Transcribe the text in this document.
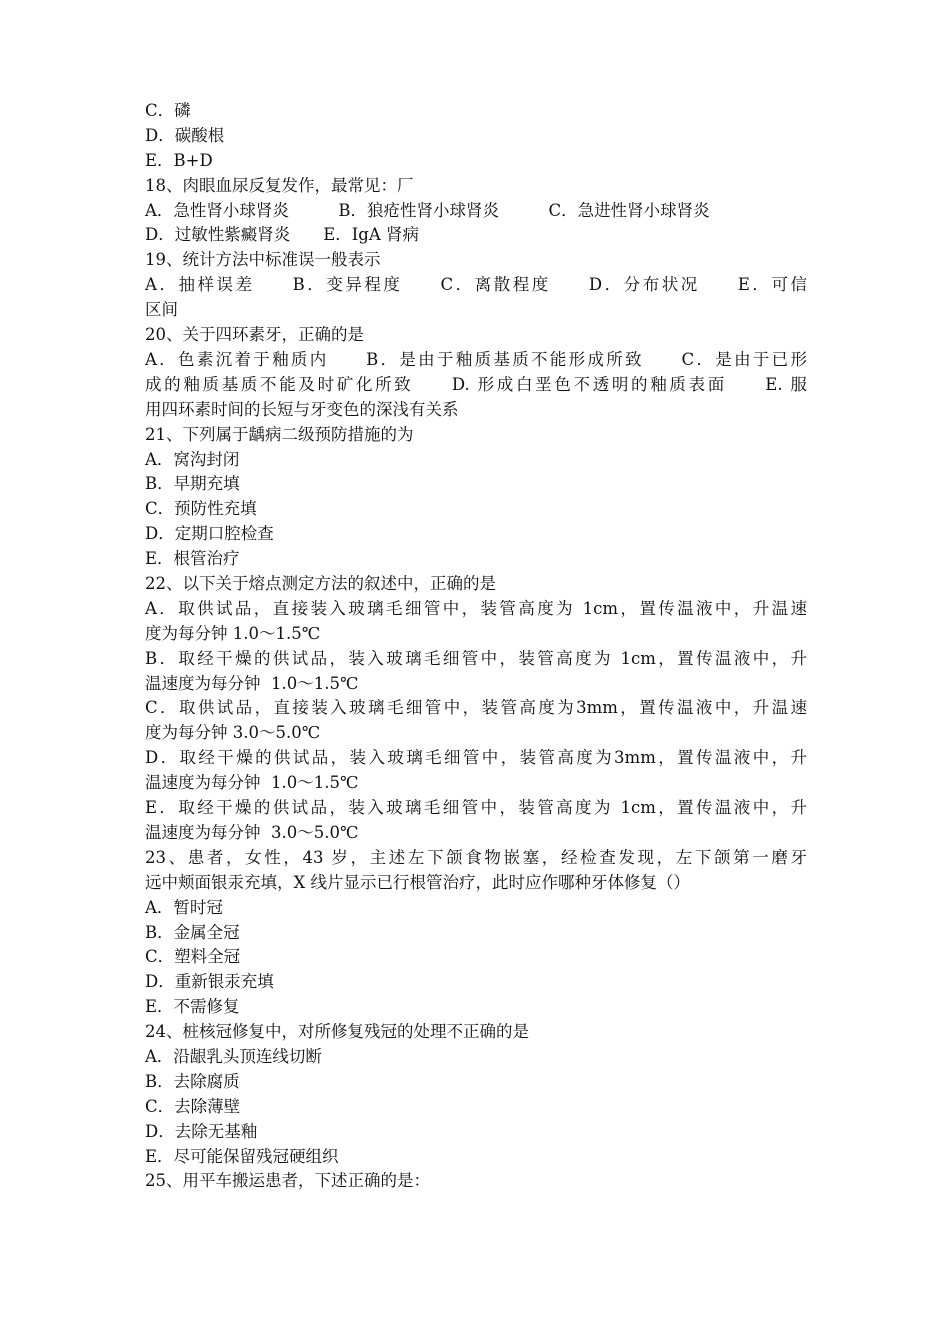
C．磷
D．碳酸根
E．B+D
18、肉眼血尿反复发作，最常见：厂
A．急性肾小球肾炎　　　B．狼疮性肾小球肾炎　　　C．急进性肾小球肾炎
D．过敏性紫癜肾炎　　E．IgA 肾病
19、统计方法中标准误一般表示
A．抽样误差　　B．变异程度　　C．离散程度　　D．分布状况　　E．可信
区间
20、关于四环素牙，正确的是
A．色素沉着于釉质内　　B．是由于釉质基质不能形成所致　　C．是由于已形
成的釉质基质不能及时矿化所致　　D. 形成白垩色不透明的釉质表面　　E. 服
用四环素时间的长短与牙变色的深浅有关系
21、下列属于龋病二级预防措施的为
A．窝沟封闭
B．早期充填
C．预防性充填
D．定期口腔检查
E．根管治疗
22、以下关于熔点测定方法的叙述中，正确的是
A．取供试品，直接装入玻璃毛细管中，装管高度为 1cm，置传温液中，升温速
度为每分钟 1.0～1.5℃
B．取经干燥的供试品，装入玻璃毛细管中，装管高度为 1cm，置传温液中，升
温速度为每分钟  1.0～1.5℃
C．取供试品，直接装入玻璃毛细管中，装管高度为3mm，置传温液中，升温速
度为每分钟 3.0～5.0℃
D．取经干燥的供试品，装入玻璃毛细管中，装管高度为3mm，置传温液中，升
温速度为每分钟  1.0～1.5℃
E．取经干燥的供试品，装入玻璃毛细管中，装管高度为 1cm，置传温液中，升
温速度为每分钟  3.0～5.0℃
23、患者，女性，43 岁，主述左下颌食物嵌塞，经检查发现，左下颌第一磨牙
远中颊面银汞充填，X 线片显示已行根管治疗，此时应作哪种牙体修复（）
A．暂时冠
B．金属全冠
C．塑料全冠
D．重新银汞充填
E．不需修复
24、桩核冠修复中，对所修复残冠的处理不正确的是
A．沿龈乳头顶连线切断
B．去除腐质
C．去除薄壁
D．去除无基釉
E．尽可能保留残冠硬组织
25、用平车搬运患者，下述正确的是：
